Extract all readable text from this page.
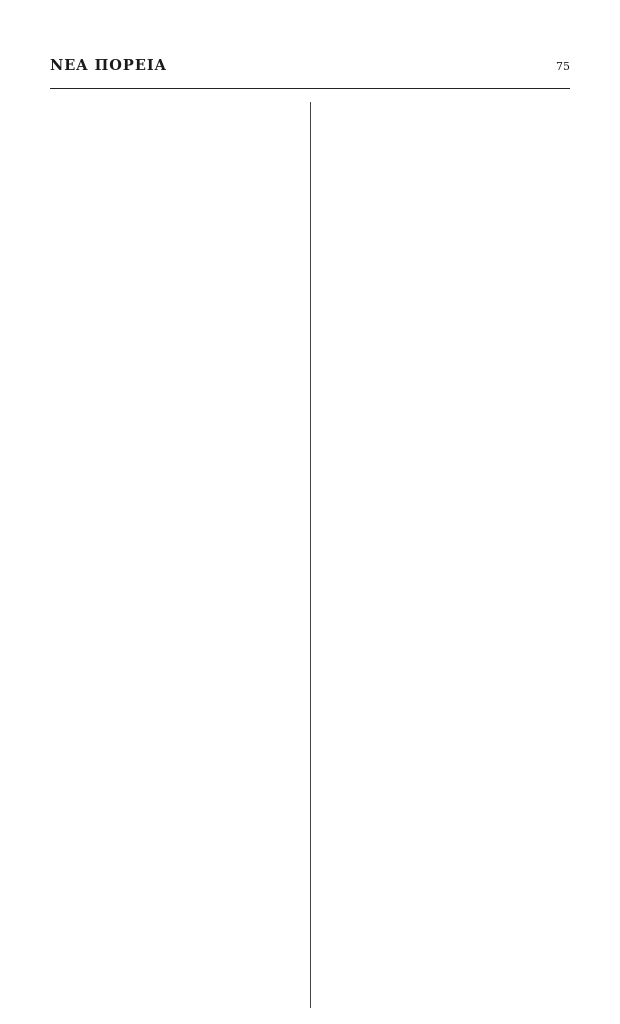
ΝΕΑ ΠΟΡΕΙΑ	75
